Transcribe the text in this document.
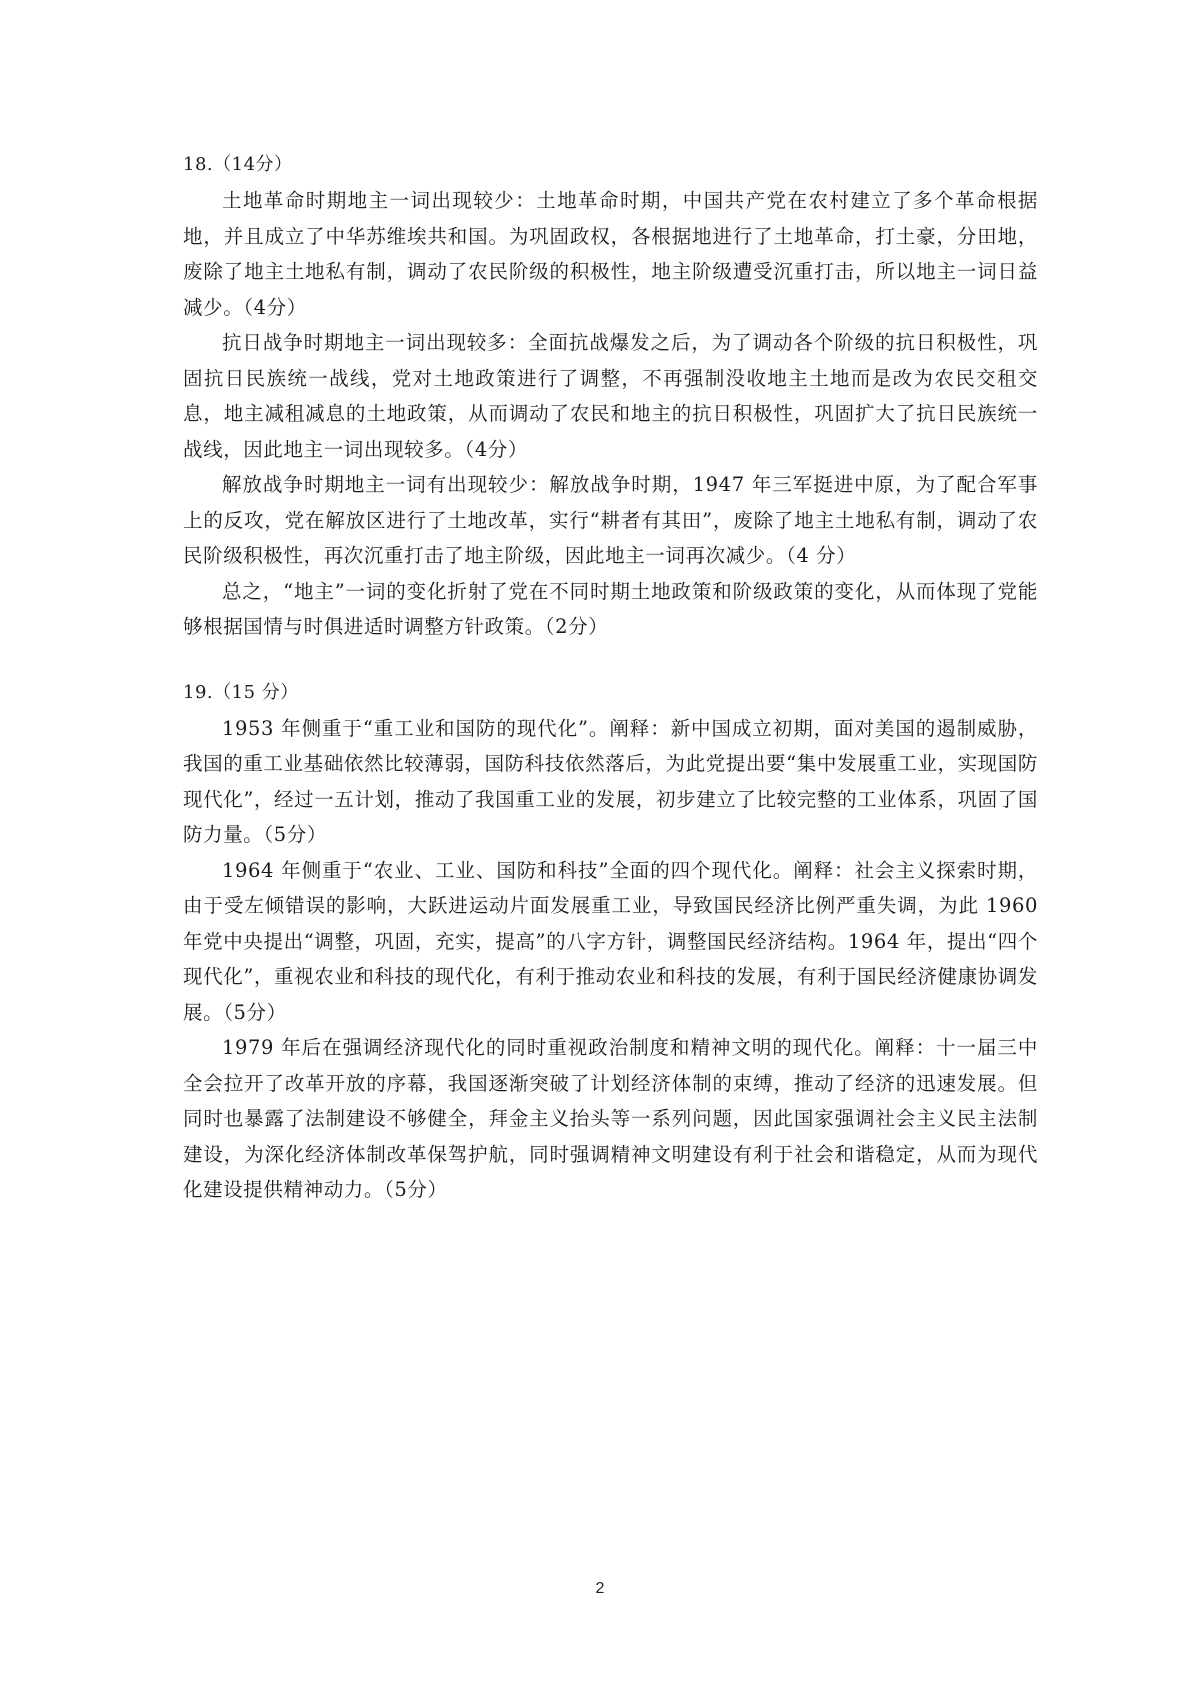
18.（14分）

土地革命时期地主一词出现较少：土地革命时期，中国共产党在农村建立了多个革命根据地，并且成立了中华苏维埃共和国。为巩固政权，各根据地进行了土地革命，打土豪，分田地，废除了地主土地私有制，调动了农民阶级的积极性，地主阶级遭受沉重打击，所以地主一词日益减少。（4分）

抗日战争时期地主一词出现较多：全面抗战爆发之后，为了调动各个阶级的抗日积极性，巩固抗日民族统一战线，党对土地政策进行了调整，不再强制没收地主土地而是改为农民交租交息，地主减租减息的土地政策，从而调动了农民和地主的抗日积极性，巩固扩大了抗日民族统一战线，因此地主一词出现较多。（4分）

解放战争时期地主一词有出现较少：解放战争时期，1947 年三军挺进中原，为了配合军事上的反攻，党在解放区进行了土地改革，实行“耕者有其田”，废除了地主土地私有制，调动了农民阶级积极性，再次沉重打击了地主阶级，因此地主一词再次减少。（4 分）

总之，“地主”一词的变化折射了党在不同时期土地政策和阶级政策的变化，从而体现了党能够根据国情与时俱进适时调整方针政策。（2分）

19.（15 分）

1953 年侧重于“重工业和国防的现代化”。阐释：新中国成立初期，面对美国的遏制威胁，我国的重工业基础依然比较薄弱，国防科技依然落后，为此党提出要“集中发展重工业，实现国防现代化”，经过一五计划，推动了我国重工业的发展，初步建立了比较完整的工业体系，巩固了国防力量。（5分）

1964 年侧重于“农业、工业、国防和科技”全面的四个现代化。阐释：社会主义探索时期，由于受左倾错误的影响，大跃进运动片面发展重工业，导致国民经济比例严重失调，为此 1960 年党中央提出“调整，巩固，充实，提高”的八字方针，调整国民经济结构。1964 年，提出“四个现代化”，重视农业和科技的现代化，有利于推动农业和科技的发展，有利于国民经济健康协调发展。（5分）

1979 年后在强调经济现代化的同时重视政治制度和精神文明的现代化。阐释：十一届三中全会拉开了改革开放的序幕，我国逐渐突破了计划经济体制的束缚，推动了经济的迅速发展。但同时也暴露了法制建设不够健全，拜金主义抬头等一系列问题，因此国家强调社会主义民主法制建设，为深化经济体制改革保驾护航，同时强调精神文明建设有利于社会和谐稳定，从而为现代化建设提供精神动力。（5分）

2
